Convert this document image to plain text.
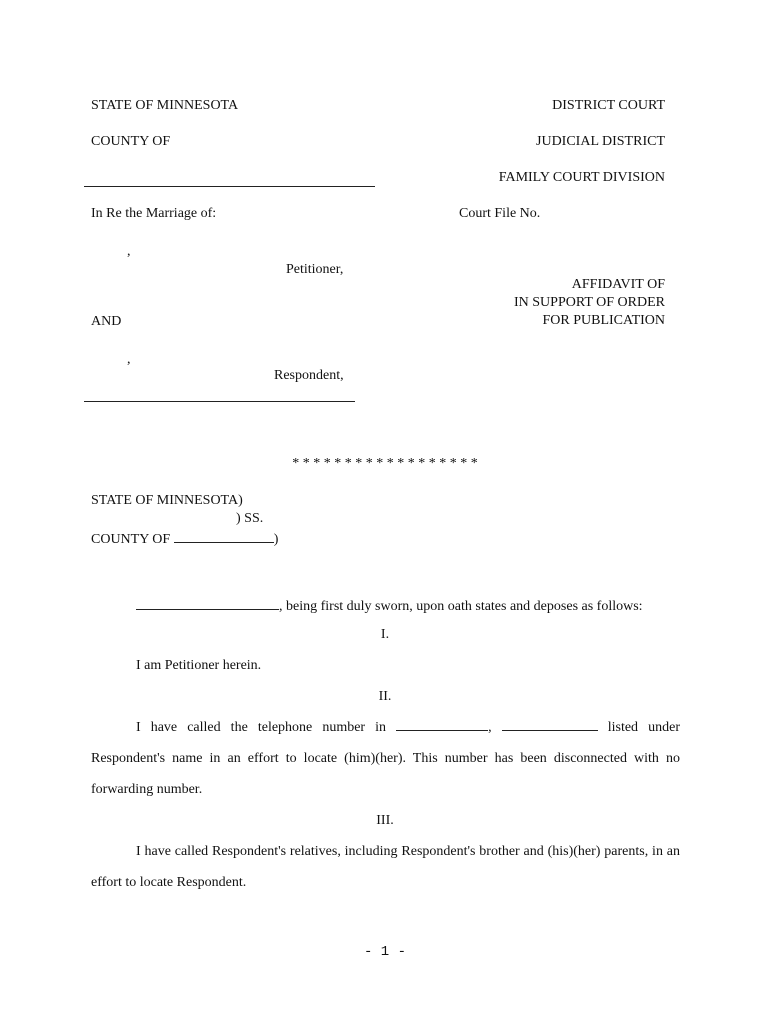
STATE OF MINNESOTA	DISTRICT COURT
COUNTY OF	JUDICIAL DISTRICT
FAMILY COURT DIVISION
In Re the Marriage of:	Court File No.
,
Petitioner,
AFFIDAVIT OF
IN SUPPORT OF ORDER
FOR PUBLICATION
AND
,
Respondent,
* * * * * * * * * * * * * * * * * *
STATE OF MINNESOTA)
) SS.
COUNTY OF	)
, being first duly sworn, upon oath states and deposes as follows:
I.
I am Petitioner herein.
II.
I have called the telephone number in	,	listed under Respondent's name in an effort to locate (him)(her). This number has been disconnected with no forwarding number.
III.
I have called Respondent's relatives, including Respondent's brother and (his)(her) parents, in an effort to locate Respondent.
- 1 -
